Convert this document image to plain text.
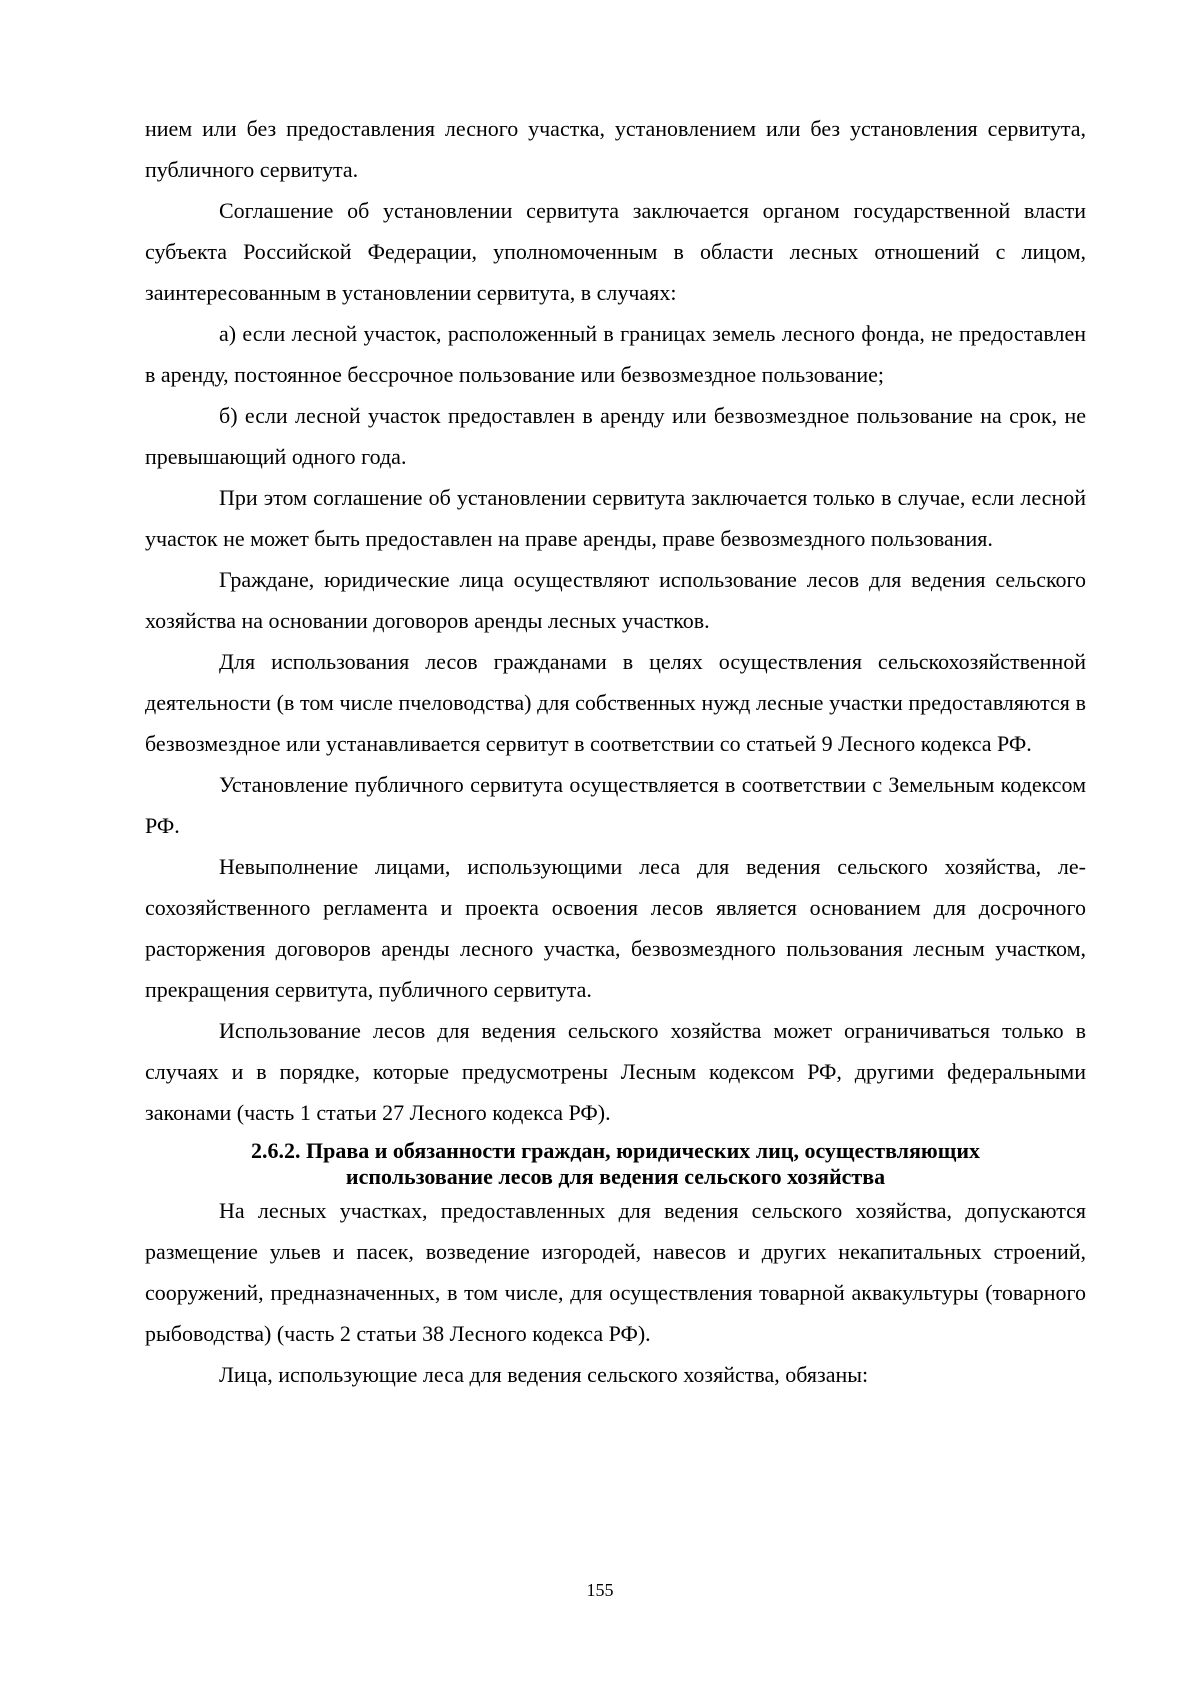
нием или без предоставления лесного участка, установлением или без установления сервитута, публичного сервитута.

Соглашение об установлении сервитута заключается органом государственной власти субъекта Российской Федерации, уполномоченным в области лесных отношений с лицом, заинтересованным в установлении сервитута, в случаях:

а) если лесной участок, расположенный в границах земель лесного фонда, не предоставлен в аренду, постоянное бессрочное пользование или безвозмездное пользование;

б) если лесной участок предоставлен в аренду или безвозмездное пользование на срок, не превышающий одного года.

При этом соглашение об установлении сервитута заключается только в случае, если лесной участок не может быть предоставлен на праве аренды, праве безвозмездного пользования.

Граждане, юридические лица осуществляют использование лесов для ведения сельского хозяйства на основании договоров аренды лесных участков.

Для использования лесов гражданами в целях осуществления сельскохозяйственной деятельности (в том числе пчеловодства) для собственных нужд лесные участки предоставляются в безвозмездное или устанавливается сервитут в соответствии со статьей 9 Лесного кодекса РФ.

Установление публичного сервитута осуществляется в соответствии с Земельным кодексом РФ.

Невыполнение лицами, использующими леса для ведения сельского хозяйства, лесохозяйственного регламента и проекта освоения лесов является основанием для досрочного расторжения договоров аренды лесного участка, безвозмездного пользования лесным участком, прекращения сервитута, публичного сервитута.

Использование лесов для ведения сельского хозяйства может ограничиваться только в случаях и в порядке, которые предусмотрены Лесным кодексом РФ, другими федеральными законами (часть 1 статьи 27 Лесного кодекса РФ).

2.6.2. Права и обязанности граждан, юридических лиц, осуществляющих
использование лесов для ведения сельского хозяйства

На лесных участках, предоставленных для ведения сельского хозяйства, допускаются размещение ульев и пасек, возведение изгородей, навесов и других некапитальных строений, сооружений, предназначенных, в том числе, для осуществления товарной аквакультуры (товарного рыбоводства) (часть 2 статьи 38 Лесного кодекса РФ).

Лица, использующие леса для ведения сельского хозяйства, обязаны:

155
